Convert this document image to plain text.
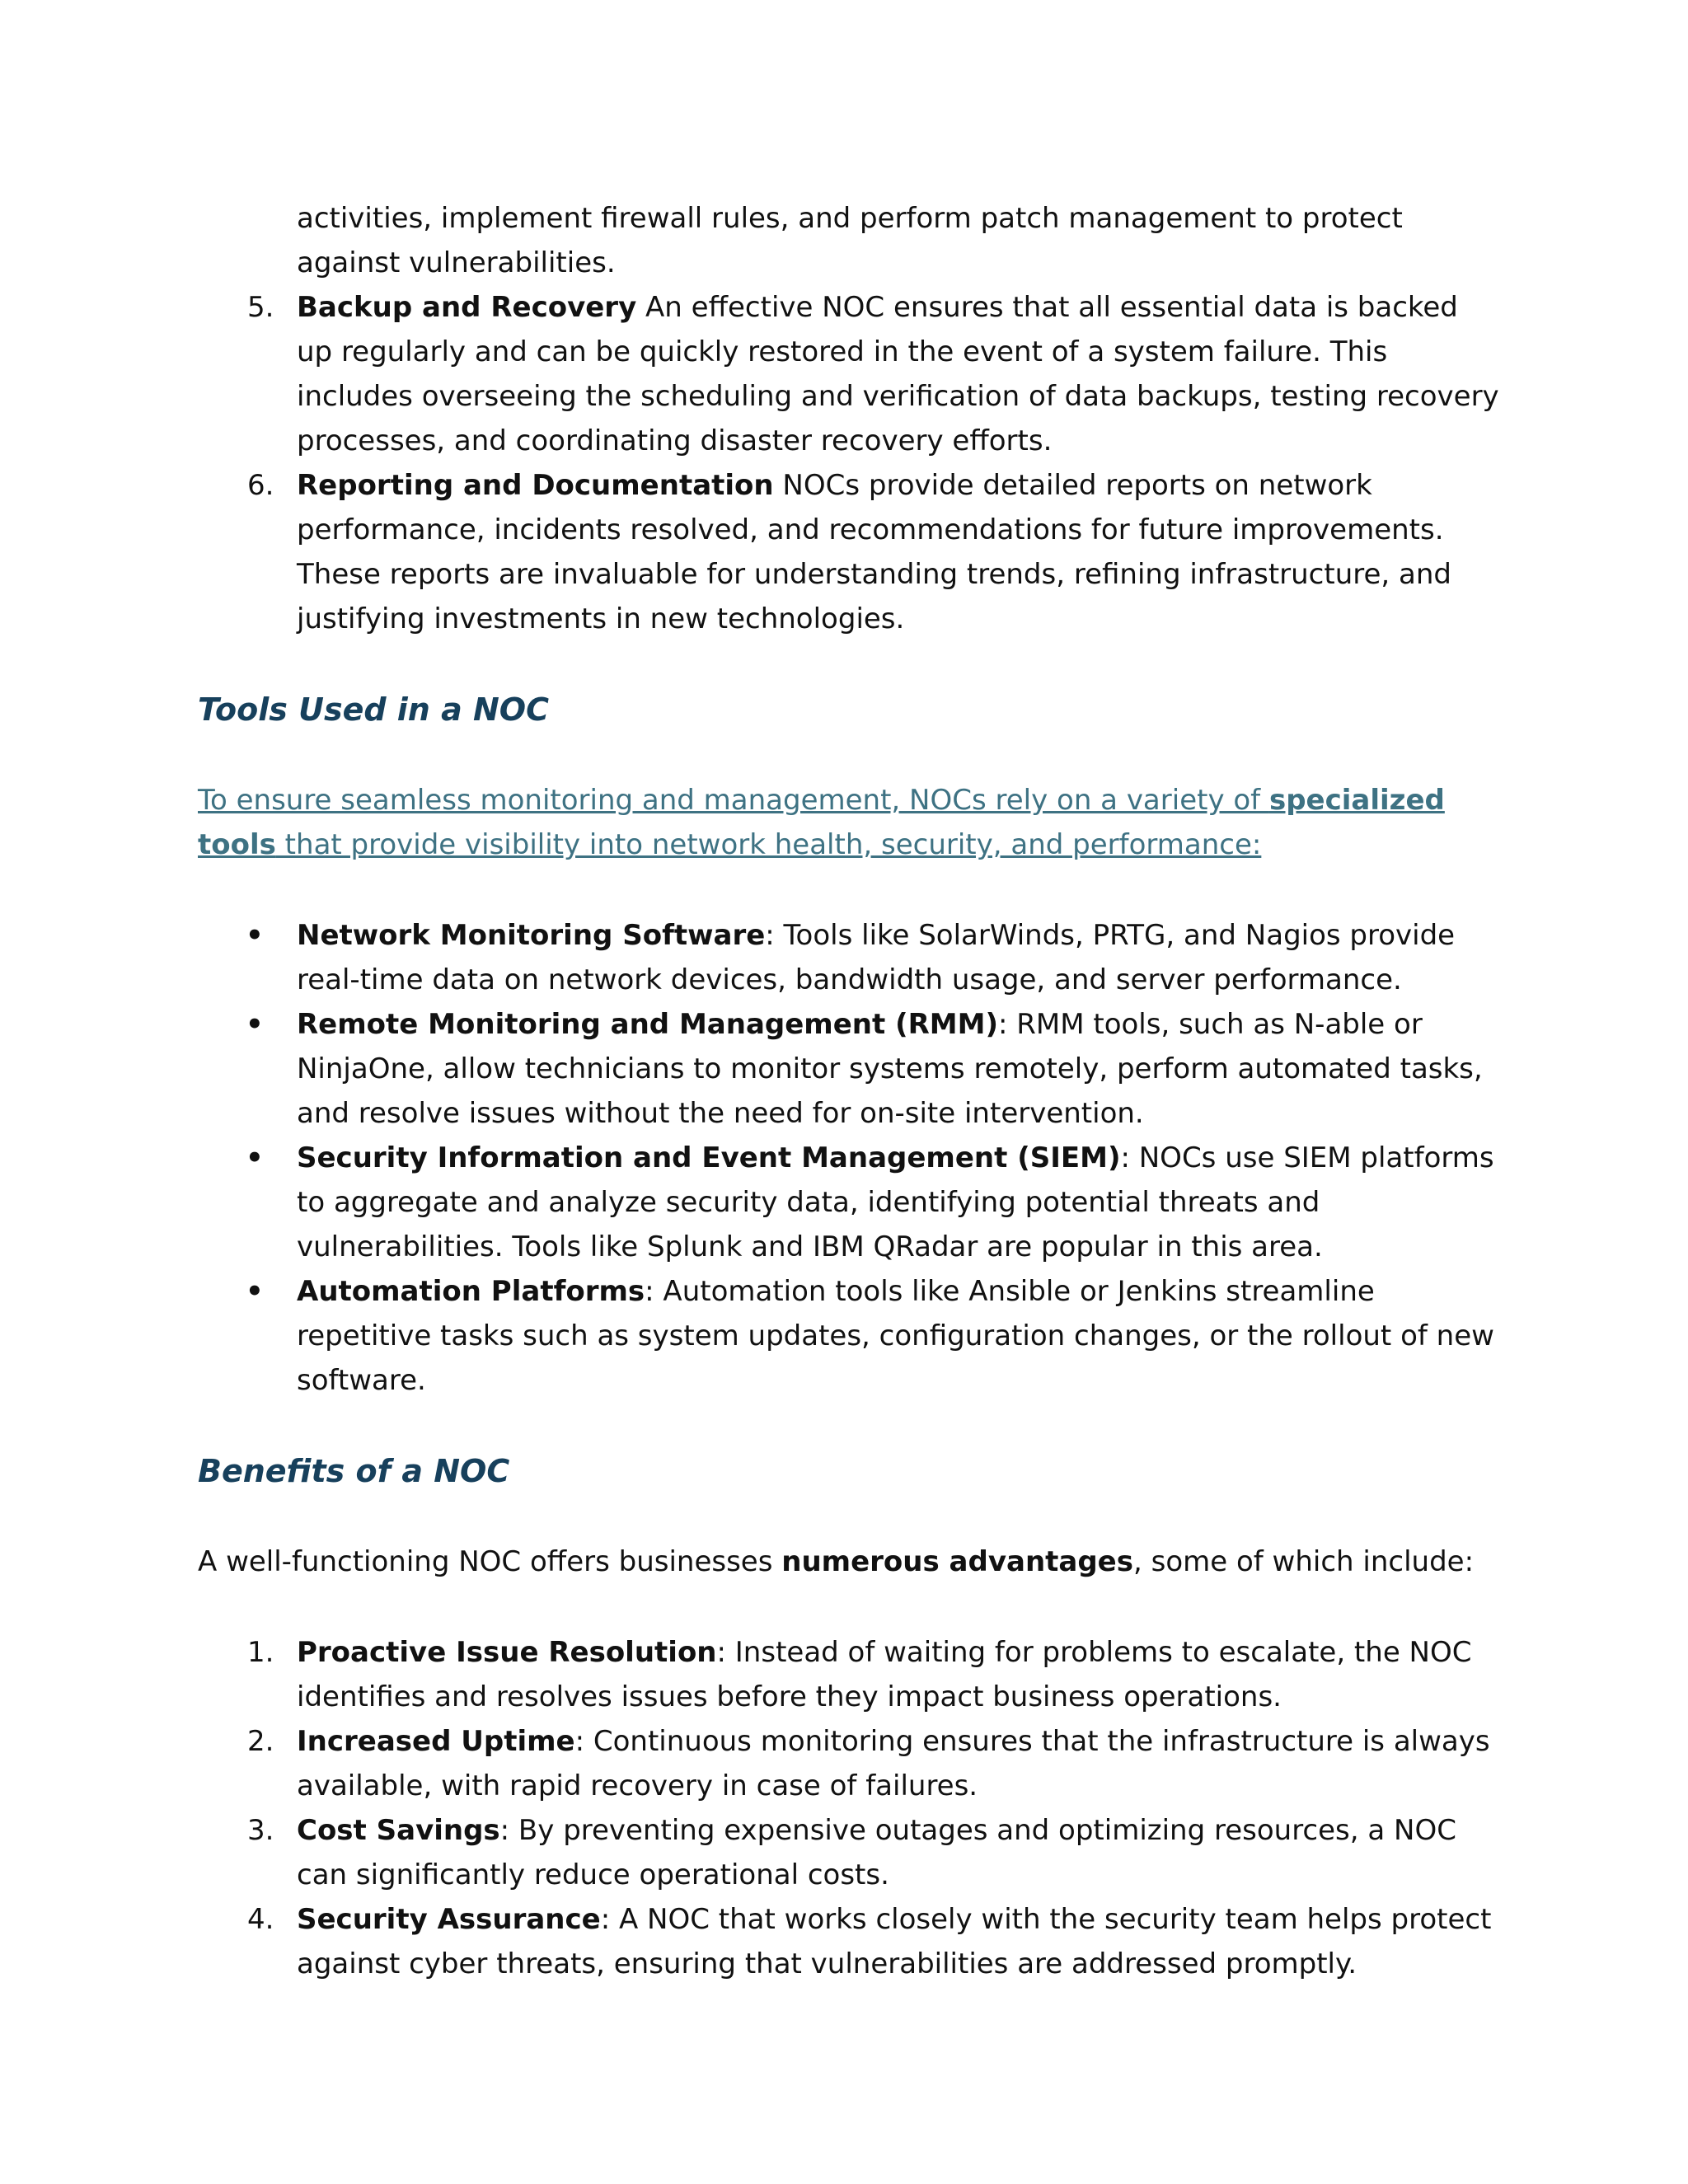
activities, implement firewall rules, and perform patch management to protect against vulnerabilities.
5. Backup and Recovery An effective NOC ensures that all essential data is backed up regularly and can be quickly restored in the event of a system failure. This includes overseeing the scheduling and verification of data backups, testing recovery processes, and coordinating disaster recovery efforts.
6. Reporting and Documentation NOCs provide detailed reports on network performance, incidents resolved, and recommendations for future improvements. These reports are invaluable for understanding trends, refining infrastructure, and justifying investments in new technologies.
Tools Used in a NOC

To ensure seamless monitoring and management, NOCs rely on a variety of specialized tools that provide visibility into network health, security, and performance:

•	Network Monitoring Software: Tools like SolarWinds, PRTG, and Nagios provide real-time data on network devices, bandwidth usage, and server performance.
•	Remote Monitoring and Management (RMM): RMM tools, such as N-able or NinjaOne, allow technicians to monitor systems remotely, perform automated tasks, and resolve issues without the need for on-site intervention.
•	Security Information and Event Management (SIEM): NOCs use SIEM platforms to aggregate and analyze security data, identifying potential threats and vulnerabilities. Tools like Splunk and IBM QRadar are popular in this area.
•	Automation Platforms: Automation tools like Ansible or Jenkins streamline repetitive tasks such as system updates, configuration changes, or the rollout of new software.
Benefits of a NOC

A well-functioning NOC offers businesses numerous advantages, some of which include:

1. Proactive Issue Resolution: Instead of waiting for problems to escalate, the NOC identifies and resolves issues before they impact business operations.
2. Increased Uptime: Continuous monitoring ensures that the infrastructure is always available, with rapid recovery in case of failures.
3. Cost Savings: By preventing expensive outages and optimizing resources, a NOC can significantly reduce operational costs.
4. Security Assurance: A NOC that works closely with the security team helps protect against cyber threats, ensuring that vulnerabilities are addressed promptly.
